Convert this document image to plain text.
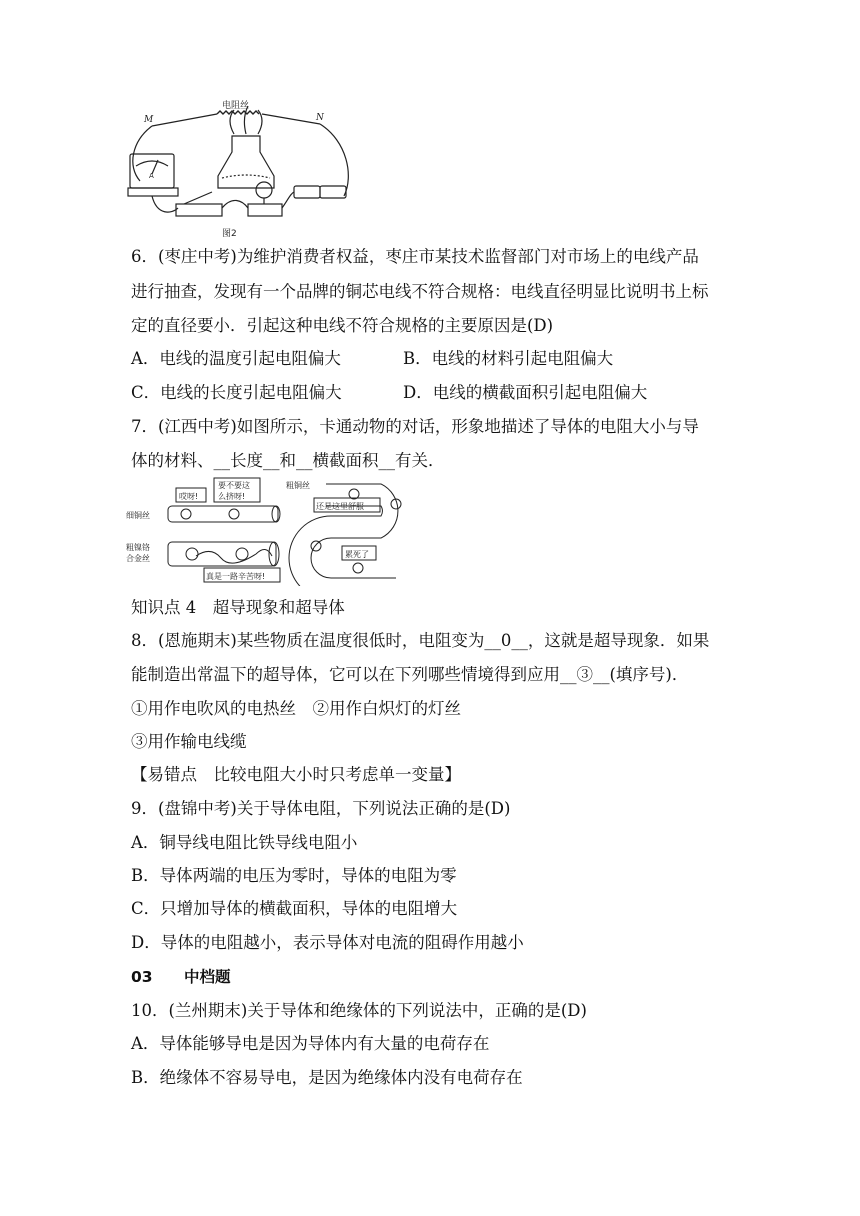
电阻丝
M	N
A
图2
6．(枣庄中考)为维护消费者权益，枣庄市某技术监督部门对市场上的电线产品
进行抽查，发现有一个品牌的铜芯电线不符合规格：电线直径明显比说明书上标
定的直径要小．引起这种电线不符合规格的主要原因是(D)
A．电线的温度引起电阻偏大	B．电线的材料引起电阻偏大
C．电线的长度引起电阻偏大	D．电线的横截面积引起电阻偏大
7．(江西中考)如图所示，卡通动物的对话，形象地描述了导体的电阻大小与导
体的材料、__长度__和__横截面积__有关．
细铜丝
粗镍铬
合金丝
粗铜丝
哎呀!
要不要这
么挤呀!
还是这里舒服
真是一路辛苦呀!
累死了
知识点 4　超导现象和超导体
8．(恩施期末)某些物质在温度很低时，电阻变为__0__，这就是超导现象．如果
能制造出常温下的超导体，它可以在下列哪些情境得到应用__③__(填序号)．
①用作电吹风的电热丝　②用作白炽灯的灯丝
③用作输电线缆
【易错点　比较电阻大小时只考虑单一变量】
9．(盘锦中考)关于导体电阻，下列说法正确的是(D)
A．铜导线电阻比铁导线电阻小
B．导体两端的电压为零时，导体的电阻为零
C．只增加导体的横截面积，导体的电阻增大
D．导体的电阻越小，表示导体对电流的阻碍作用越小
03 中档题
10．(兰州期末)关于导体和绝缘体的下列说法中，正确的是(D)
A．导体能够导电是因为导体内有大量的电荷存在
B．绝缘体不容易导电，是因为绝缘体内没有电荷存在
